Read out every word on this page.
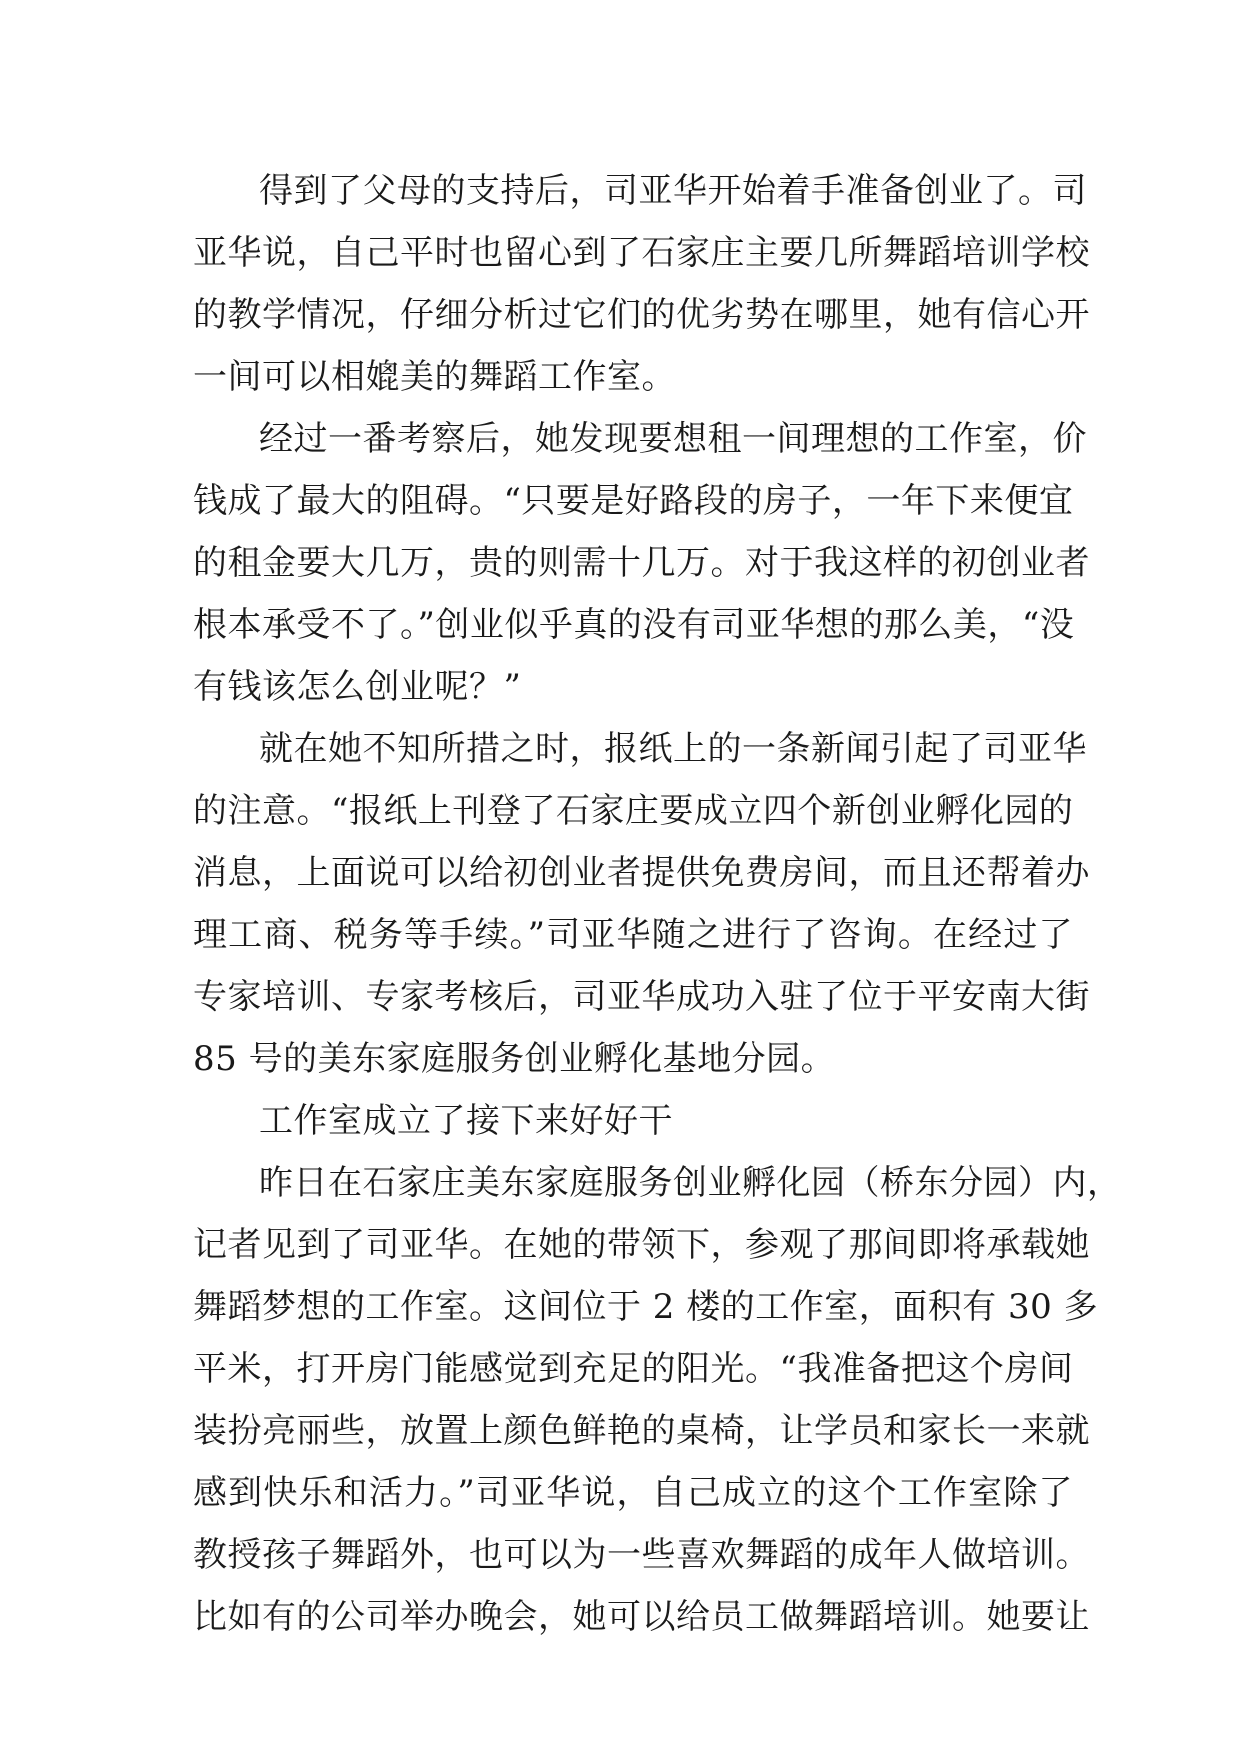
得到了父母的支持后，司亚华开始着手准备创业了。司
亚华说，自己平时也留心到了石家庄主要几所舞蹈培训学校
的教学情况，仔细分析过它们的优劣势在哪里，她有信心开
一间可以相媲美的舞蹈工作室。
经过一番考察后，她发现要想租一间理想的工作室，价
钱成了最大的阻碍。“只要是好路段的房子，一年下来便宜
的租金要大几万，贵的则需十几万。对于我这样的初创业者
根本承受不了。”创业似乎真的没有司亚华想的那么美，“没
有钱该怎么创业呢？”
就在她不知所措之时，报纸上的一条新闻引起了司亚华
的注意。“报纸上刊登了石家庄要成立四个新创业孵化园的
消息，上面说可以给初创业者提供免费房间，而且还帮着办
理工商、税务等手续。”司亚华随之进行了咨询。在经过了
专家培训、专家考核后，司亚华成功入驻了位于平安南大街
85 号的美东家庭服务创业孵化基地分园。
工作室成立了接下来好好干
昨日在石家庄美东家庭服务创业孵化园（桥东分园）内，
记者见到了司亚华。在她的带领下，参观了那间即将承载她
舞蹈梦想的工作室。这间位于 2 楼的工作室，面积有 30 多
平米，打开房门能感觉到充足的阳光。“我准备把这个房间
装扮亮丽些，放置上颜色鲜艳的桌椅，让学员和家长一来就
感到快乐和活力。”司亚华说，自己成立的这个工作室除了
教授孩子舞蹈外，也可以为一些喜欢舞蹈的成年人做培训。
比如有的公司举办晚会，她可以给员工做舞蹈培训。她要让
